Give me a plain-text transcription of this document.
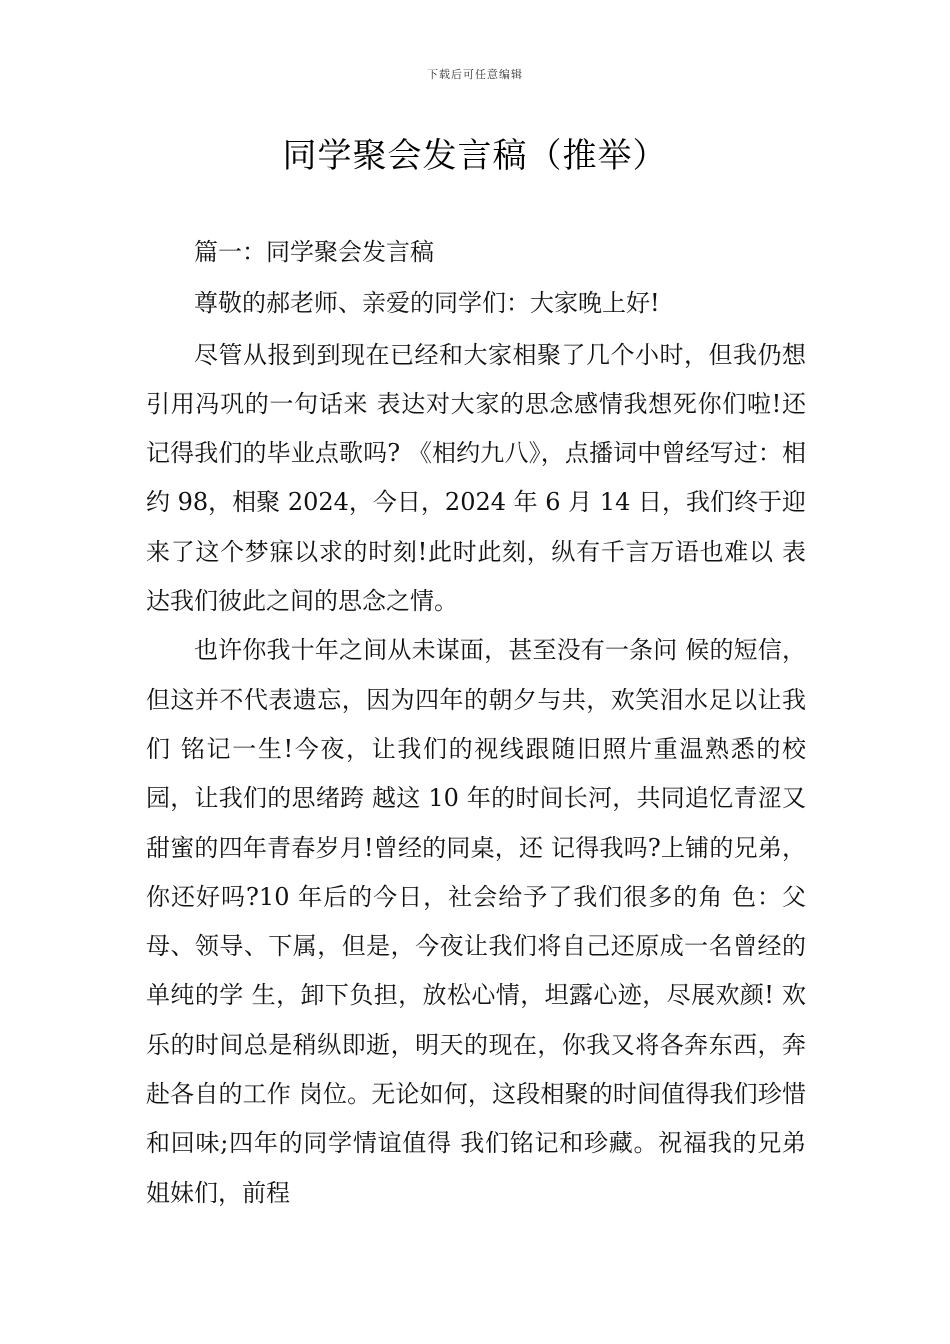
下载后可任意编辑
同学聚会发言稿（推举）

篇一：同学聚会发言稿

尊敬的郝老师、亲爱的同学们：大家晚上好!

尽管从报到到现在已经和大家相聚了几个小时，但我仍想引用冯巩的一句话来 表达对大家的思念感情我想死你们啦!还记得我们的毕业点歌吗? 《相约九八》，点播词中曾经写过：相约 98，相聚 2024，今日，2024 年 6 月 14 日，我们终于迎来了这个梦寐以求的时刻!此时此刻，纵有千言万语也难以 表达我们彼此之间的思念之情。

也许你我十年之间从未谋面，甚至没有一条问 候的短信，但这并不代表遗忘，因为四年的朝夕与共，欢笑泪水足以让我们 铭记一生!今夜，让我们的视线跟随旧照片重温熟悉的校园，让我们的思绪跨 越这 10 年的时间长河，共同追忆青涩又甜蜜的四年青春岁月!曾经的同桌，还 记得我吗?上铺的兄弟，你还好吗?10 年后的今日，社会给予了我们很多的角 色：父母、领导、下属，但是，今夜让我们将自己还原成一名曾经的单纯的学 生，卸下负担，放松心情，坦露心迹，尽展欢颜! 欢乐的时间总是稍纵即逝，明天的现在，你我又将各奔东西，奔赴各自的工作 岗位。无论如何，这段相聚的时间值得我们珍惜和回味;四年的同学情谊值得 我们铭记和珍藏。祝福我的兄弟姐妹们，前程
